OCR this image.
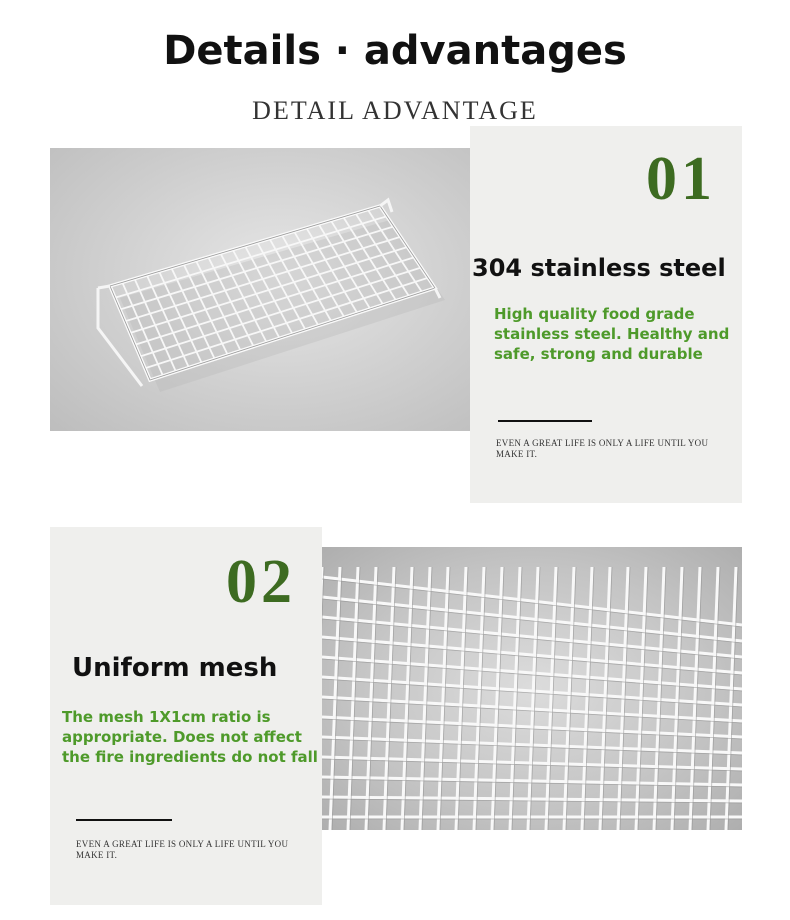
Details · advantages
DETAIL ADVANTAGE
01
304 stainless steel
High quality food grade stainless steel. Healthy and safe, strong and durable
EVEN A GREAT LIFE IS ONLY A LIFE UNTIL YOU MAKE IT.
02
Uniform mesh
The mesh 1X1cm ratio is appropriate. Does not affect the fire ingredients do not fall
EVEN A GREAT LIFE IS ONLY A LIFE UNTIL YOU MAKE IT.
